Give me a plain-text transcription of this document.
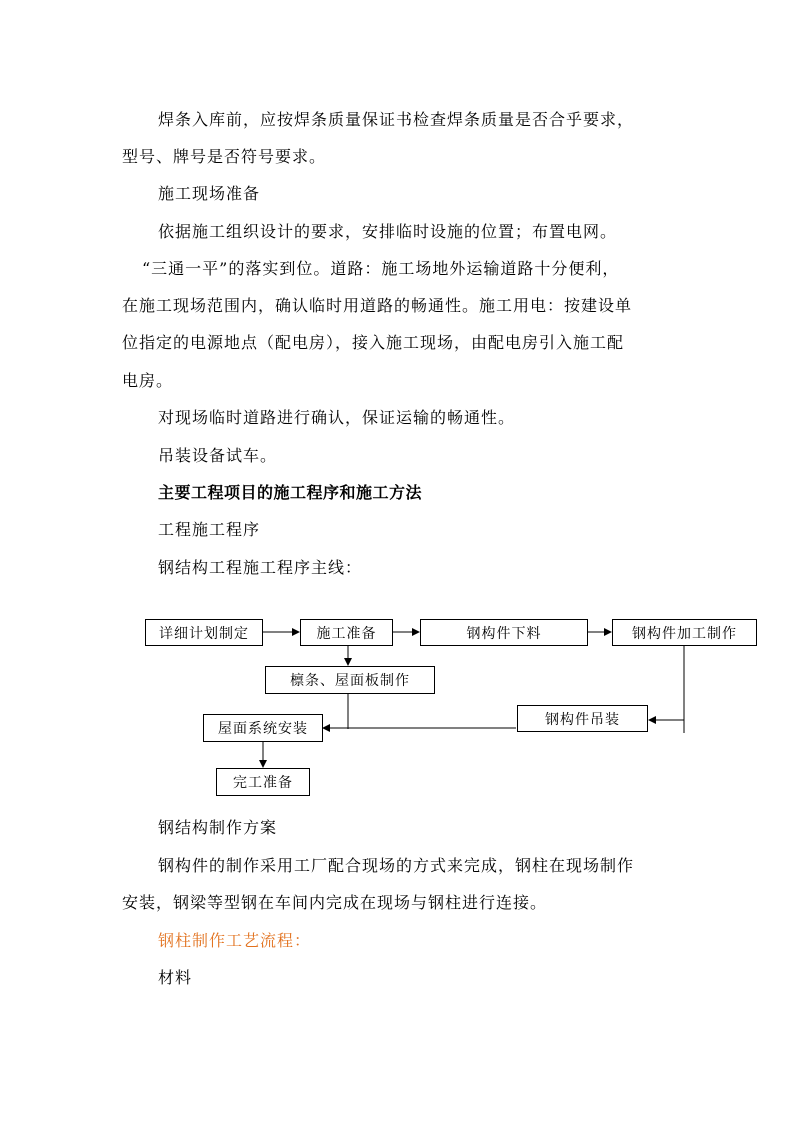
焊条入库前，应按焊条质量保证书检查焊条质量是否合乎要求，
型号、牌号是否符号要求。
施工现场准备
依据施工组织设计的要求，安排临时设施的位置；布置电网。
“三通一平”的落实到位。道路：施工场地外运输道路十分便利，
在施工现场范围内，确认临时用道路的畅通性。施工用电：按建设单
位指定的电源地点（配电房），接入施工现场，由配电房引入施工配
电房。
对现场临时道路进行确认，保证运输的畅通性。
吊装设备试车。
主要工程项目的施工程序和施工方法
工程施工程序
钢结构工程施工程序主线：
详细计划制定	施工准备	钢构件下料	钢构件加工制作
檩条、屋面板制作
钢构件吊装
屋面系统安装
完工准备
钢结构制作方案
钢构件的制作采用工厂配合现场的方式来完成，钢柱在现场制作
安装，钢梁等型钢在车间内完成在现场与钢柱进行连接。
钢柱制作工艺流程：
材料
